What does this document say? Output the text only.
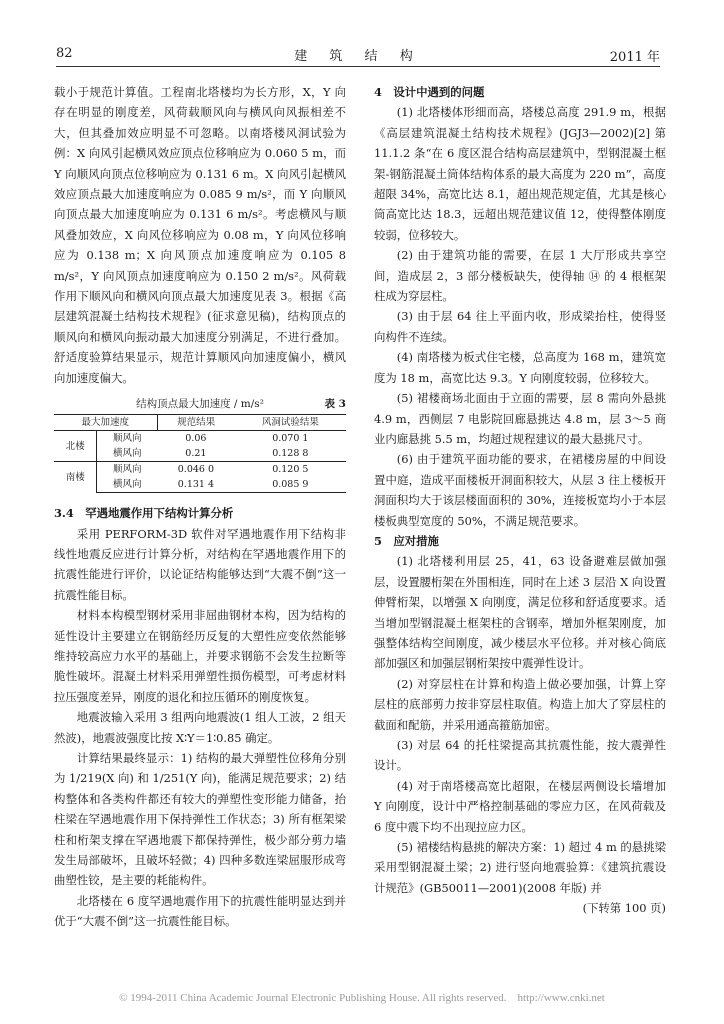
82	建 筑 结 构	2011 年

载小于规范计算值。工程南北塔楼均为长方形，X，Y 向存在明显的刚度差，风荷载顺风向与横风向风振相差不大，但其叠加效应明显不可忽略。以南塔楼风洞试验为例：X 向风引起横风效应顶点位移响应为 0.060 5 m，而 Y 向顺风向顶点位移响应为 0.131 6 m。X 向风引起横风效应顶点最大加速度响应为 0.085 9 m/s²，而 Y 向顺风向顶点最大加速度响应为 0.131 6 m/s²。考虑横风与顺风叠加效应，X 向风位移响应为 0.08 m，Y 向风位移响应为 0.138 m；X 向风顶点加速度响应为 0.105 8 m/s²，Y 向风顶点加速度响应为 0.150 2 m/s²。风荷载作用下顺风向和横风向顶点最大加速度见表 3。根据《高层建筑混凝土结构技术规程》(征求意见稿)，结构顶点的顺风向和横风向振动最大加速度分别满足，不进行叠加。舒适度验算结果显示，规范计算顺风向加速度偏小，横风向加速度偏大。

结构顶点最大加速度 / m/s²	表 3
最大加速度		规范结果	风洞试验结果
北楼	顺风向	0.06	0.070 1
	横风向	0.21	0.128 8
南楼	顺风向	0.046 0	0.120 5
	横风向	0.131 4	0.085 9
3.4　罕遇地震作用下结构计算分析

采用 PERFORM-3D 软件对罕遇地震作用下结构非线性地震反应进行计算分析，对结构在罕遇地震作用下的抗震性能进行评价，以论证结构能够达到“大震不倒”这一抗震性能目标。

材料本构模型钢材采用非屈曲钢材本构，因为结构的延性设计主要建立在钢筋经历反复的大塑性应变依然能够维持较高应力水平的基础上，并要求钢筋不会发生拉断等脆性破坏。混凝土材料采用弹塑性损伤模型，可考虑材料拉压强度差异，刚度的退化和拉压循环的刚度恢复。

地震波输入采用 3 组两向地震波(1 组人工波，2 组天然波)，地震波强度比按 X∶Y＝1∶0.85 确定。

计算结果最终显示：1) 结构的最大弹塑性位移角分别为 1/219(X 向) 和 1/251(Y 向)，能满足规范要求；2) 结构整体和各类构件都还有较大的弹塑性变形能力储备，抬柱梁在罕遇地震作用下保持弹性工作状态；3) 所有框架梁柱和桁架支撑在罕遇地震下都保持弹性，极少部分剪力墙发生局部破坏，且破坏轻微；4) 四种多数连梁屈服形成弯曲塑性铰，是主要的耗能构件。

北塔楼在 6 度罕遇地震作用下的抗震性能明显达到并优于“大震不倒”这一抗震性能目标。

4　设计中遇到的问题

(1) 北塔楼体形细而高，塔楼总高度 291.9 m，根据《高层建筑混凝土结构技术规程》(JGJ3—2002)[2] 第 11.1.2 条“在 6 度区混合结构高层建筑中，型钢混凝土框架-钢筋混凝土筒体结构体系的最大高度为 220 m”，高度超限 34%，高宽比达 8.1，超出规范规定值，尤其是核心筒高宽比达 18.3，远超出规范建议值 12，使得整体刚度较弱，位移较大。

(2) 由于建筑功能的需要，在层 1 大厅形成共享空间，造成层 2，3 部分楼板缺失，使得轴 ⑭ 的 4 根框架柱成为穿层柱。

(3) 由于层 64 往上平面内收，形成梁抬柱，使得竖向构件不连续。

(4) 南塔楼为板式住宅楼，总高度为 168 m，建筑宽度为 18 m，高宽比达 9.3。Y 向刚度较弱，位移较大。

(5) 裙楼商场北面由于立面的需要，层 8 需向外悬挑 4.9 m，西侧层 7 电影院回廊悬挑达 4.8 m，层 3～5 商业内廊悬挑 5.5 m，均超过规程建议的最大悬挑尺寸。

(6) 由于建筑平面功能的要求，在裙楼房屋的中间设置中庭，造成平面楼板开洞面积较大，从层 3 往上楼板开洞面积均大于该层楼面面积的 30%，连接板宽均小于本层楼板典型宽度的 50%，不满足规范要求。

5　应对措施

(1) 北塔楼利用层 25，41，63 设备避难层做加强层，设置腰桁架在外围相连，同时在上述 3 层沿 X 向设置伸臂桁架，以增强 X 向刚度，满足位移和舒适度要求。适当增加型钢混凝土框架柱的含钢率，增加外框架刚度，加强整体结构空间刚度，减少楼层水平位移。并对核心筒底部加强区和加强层钢桁架按中震弹性设计。

(2) 对穿层柱在计算和构造上做必要加强，计算上穿层柱的底部剪力按非穿层柱取值。构造上加大了穿层柱的截面和配筋，并采用通高箍筋加密。

(3) 对层 64 的托柱梁提高其抗震性能，按大震弹性设计。

(4) 对于南塔楼高宽比超限，在楼层两侧设长墙增加 Y 向刚度，设计中严格控制基础的零应力区，在风荷载及 6 度中震下均不出现拉应力区。

(5) 裙楼结构悬挑的解决方案：1) 超过 4 m 的悬挑梁采用型钢混凝土梁；2) 进行竖向地震验算：《建筑抗震设计规范》(GB50011—2001)(2008 年版) 并

(下转第 100 页)

© 1994-2011 China Academic Journal Electronic Publishing House. All rights reserved.　http://www.cnki.net
